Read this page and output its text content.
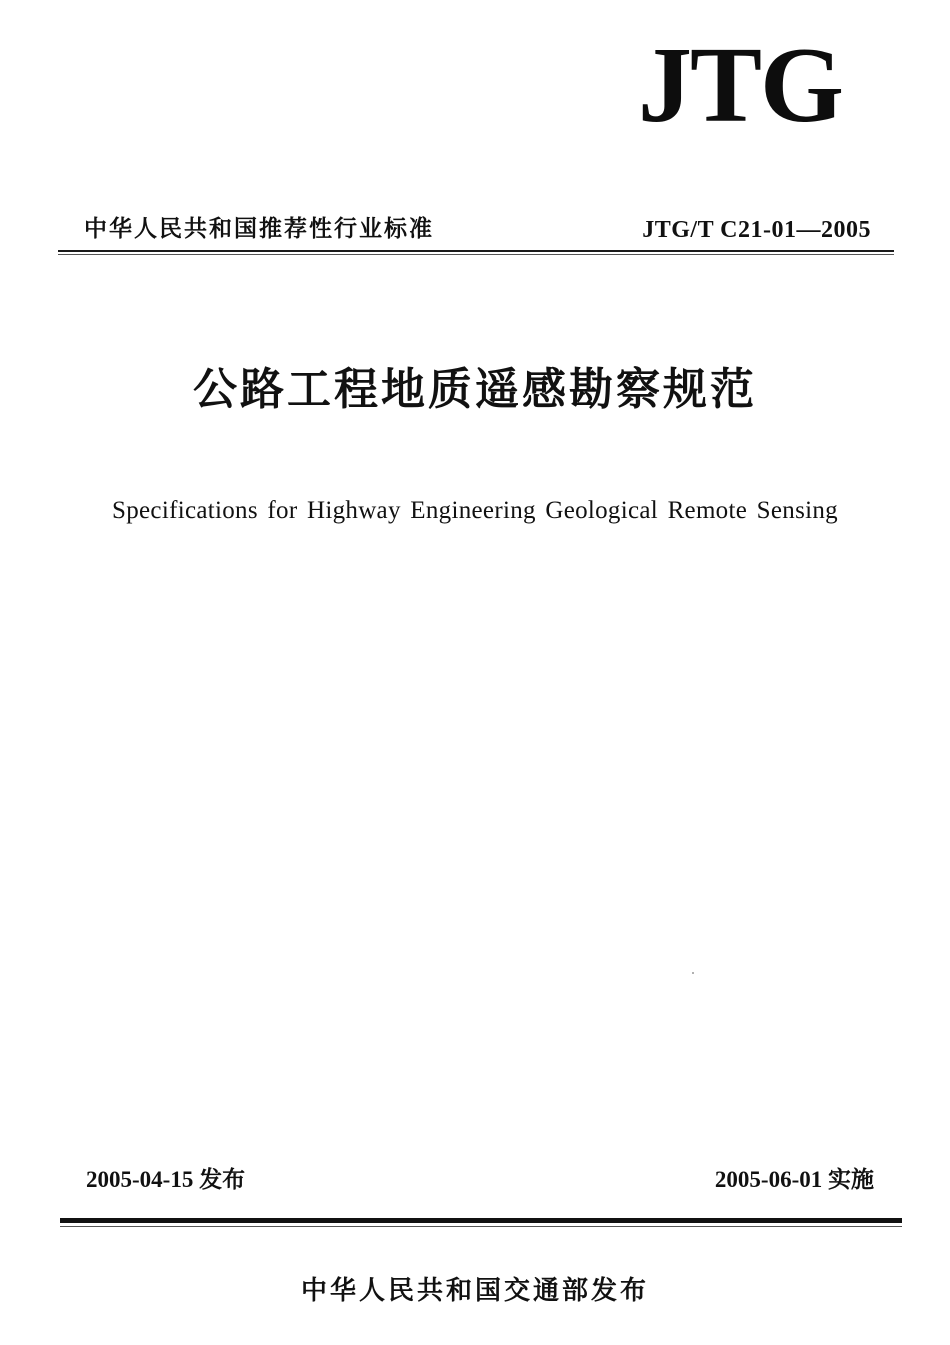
JTG
中华人民共和国推荐性行业标准	JTG/T C21-01—2005
公路工程地质遥感勘察规范
Specifications for Highway Engineering Geological Remote Sensing
2005-04-15 发布	2005-06-01 实施
中华人民共和国交通部发布
